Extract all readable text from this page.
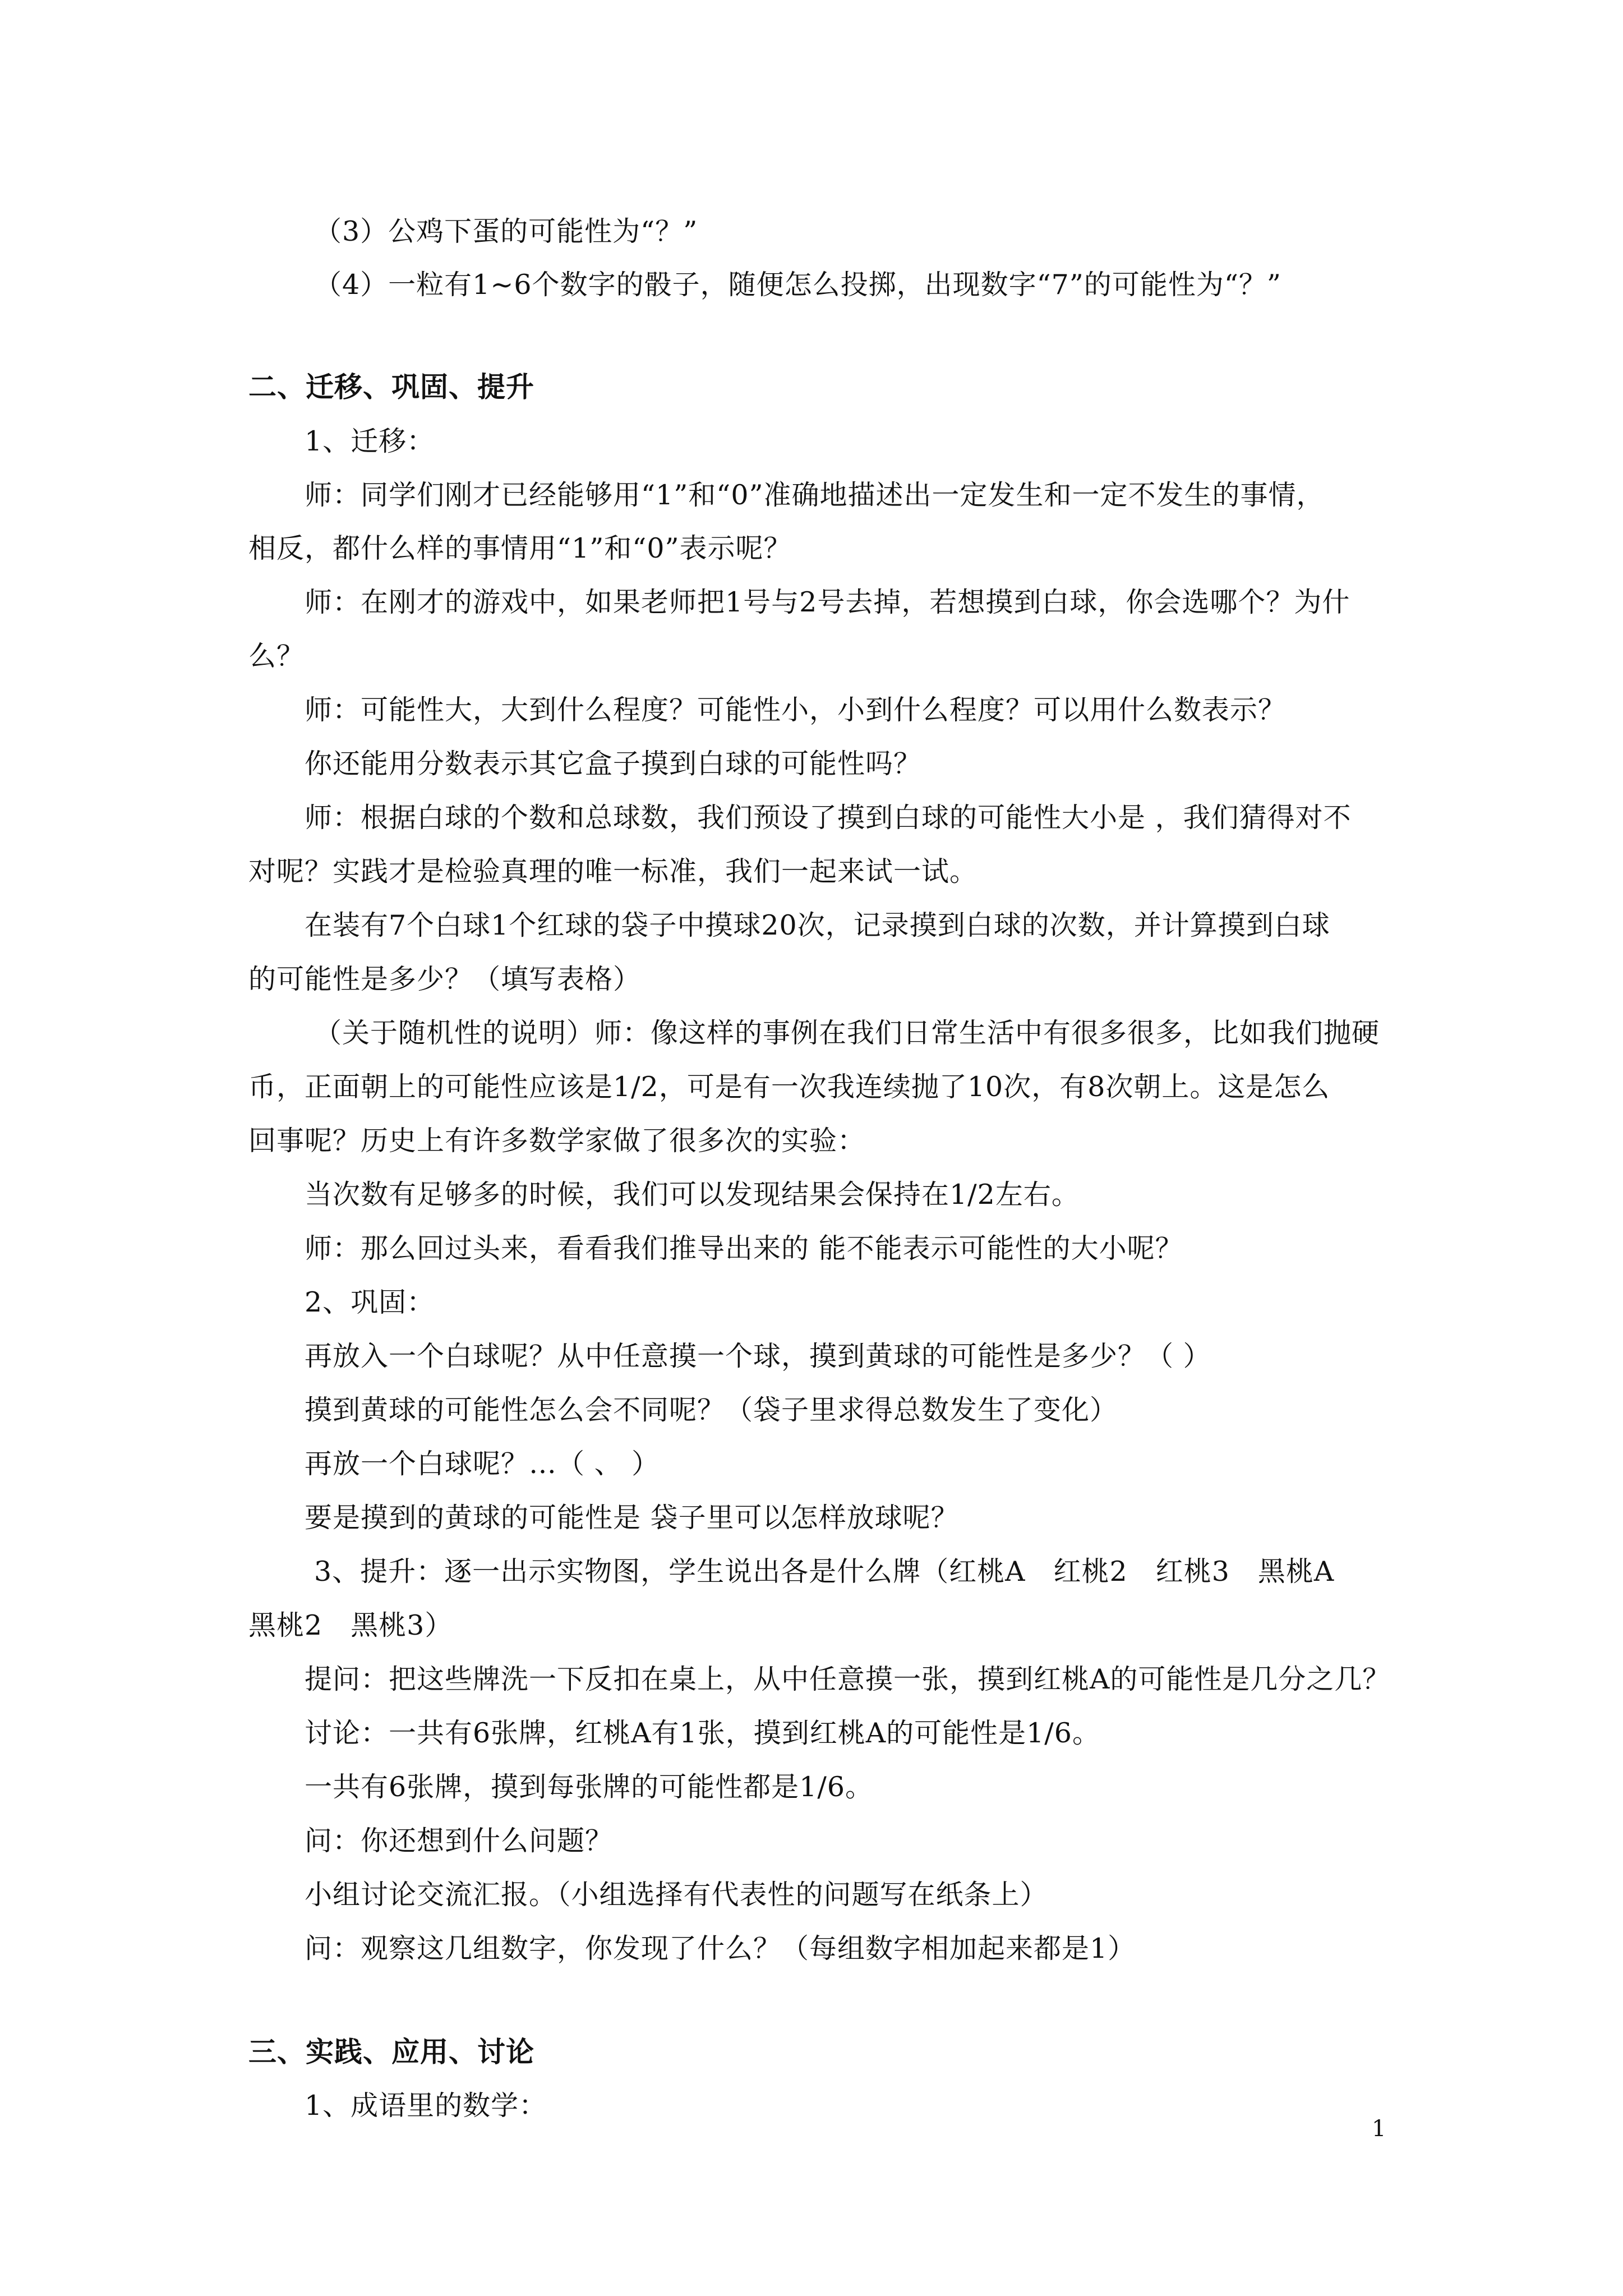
（3）公鸡下蛋的可能性为“？”
（4）一粒有1~6个数字的骰子，随便怎么投掷，出现数字“7”的可能性为“？”
二、迁移、巩固、提升
1、迁移：
师：同学们刚才已经能够用“1”和“0”准确地描述出一定发生和一定不发生的事情，
相反，都什么样的事情用“1”和“0”表示呢？
师：在刚才的游戏中，如果老师把1号与2号去掉，若想摸到白球，你会选哪个？为什
么？
师：可能性大，大到什么程度？可能性小，小到什么程度？可以用什么数表示？
你还能用分数表示其它盒子摸到白球的可能性吗？
师：根据白球的个数和总球数，我们预设了摸到白球的可能性大小是 ，我们猜得对不
对呢？实践才是检验真理的唯一标准，我们一起来试一试。
在装有7个白球1个红球的袋子中摸球20次，记录摸到白球的次数，并计算摸到白球
的可能性是多少？（填写表格）
（关于随机性的说明）师：像这样的事例在我们日常生活中有很多很多，比如我们抛硬
币，正面朝上的可能性应该是1/2，可是有一次我连续抛了10次，有8次朝上。这是怎么
回事呢？历史上有许多数学家做了很多次的实验：
当次数有足够多的时候，我们可以发现结果会保持在1/2左右。
师：那么回过头来，看看我们推导出来的 能不能表示可能性的大小呢？
2、巩固：
再放入一个白球呢？从中任意摸一个球，摸到黄球的可能性是多少？（ ）
摸到黄球的可能性怎么会不同呢？（袋子里求得总数发生了变化）
再放一个白球呢？…（ 、 ）
要是摸到的黄球的可能性是 袋子里可以怎样放球呢？
3、提升：逐一出示实物图，学生说出各是什么牌（红桃A　红桃2　红桃3　黑桃A
黑桃2　黑桃3）
提问：把这些牌洗一下反扣在桌上，从中任意摸一张，摸到红桃A的可能性是几分之几？
讨论：一共有6张牌，红桃A有1张，摸到红桃A的可能性是1/6。
一共有6张牌，摸到每张牌的可能性都是1/6。
问：你还想到什么问题？
小组讨论交流汇报。（小组选择有代表性的问题写在纸条上）
问：观察这几组数字，你发现了什么？（每组数字相加起来都是1）
三、实践、应用、讨论
1、成语里的数学：
1
